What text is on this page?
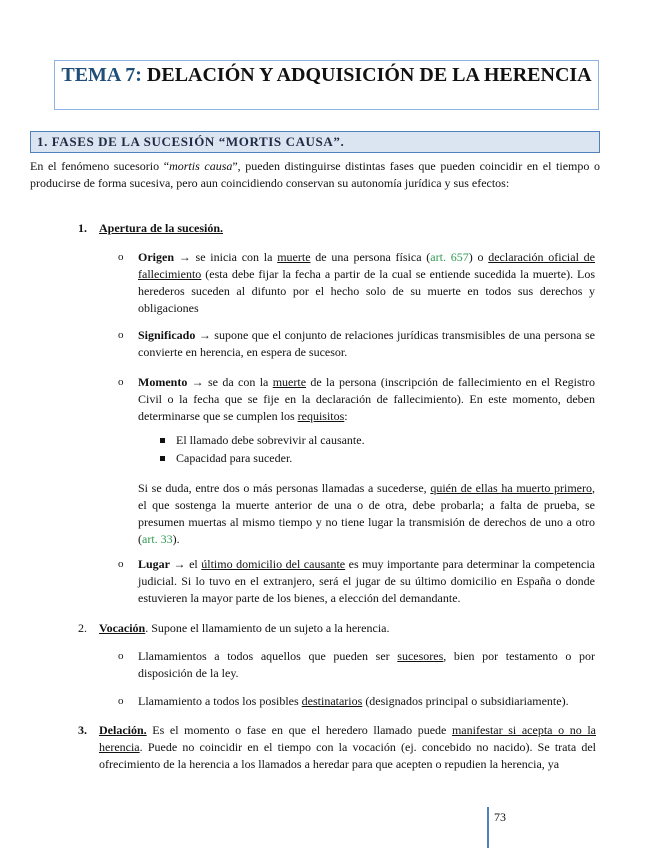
TEMA 7: DELACIÓN Y ADQUISICIÓN DE LA HERENCIA
1. FASES DE LA SUCESIÓN “MORTIS CAUSA”.
En el fenómeno sucesorio “mortis causa”, pueden distinguirse distintas fases que pueden coincidir en el tiempo o producirse de forma sucesiva, pero aun coincidiendo conservan su autonomía jurídica y sus efectos:
1. Apertura de la sucesión.
o Origen → se inicia con la muerte de una persona física (art. 657) o declaración oficial de fallecimiento (esta debe fijar la fecha a partir de la cual se entiende sucedida la muerte). Los herederos suceden al difunto por el hecho solo de su muerte en todos sus derechos y obligaciones
o Significado → supone que el conjunto de relaciones jurídicas transmisibles de una persona se convierte en herencia, en espera de sucesor.
o Momento → se da con la muerte de la persona (inscripción de fallecimiento en el Registro Civil o la fecha que se fije en la declaración de fallecimiento). En este momento, deben determinarse que se cumplen los requisitos:
El llamado debe sobrevivir al causante.
Capacidad para suceder.
Si se duda, entre dos o más personas llamadas a sucederse, quién de ellas ha muerto primero, el que sostenga la muerte anterior de una o de otra, debe probarla; a falta de prueba, se presumen muertas al mismo tiempo y no tiene lugar la transmisión de derechos de uno a otro (art. 33).
o Lugar → el último domicilio del causante es muy importante para determinar la competencia judicial. Si lo tuvo en el extranjero, será el jugar de su último domicilio en España o donde estuvieren la mayor parte de los bienes, a elección del demandante.
2. Vocación. Supone el llamamiento de un sujeto a la herencia.
o Llamamientos a todos aquellos que pueden ser sucesores, bien por testamento o por disposición de la ley.
o Llamamiento a todos los posibles destinatarios (designados principal o subsidiariamente).
3. Delación. Es el momento o fase en que el heredero llamado puede manifestar si acepta o no la herencia. Puede no coincidir en el tiempo con la vocación (ej. concebido no nacido). Se trata del ofrecimiento de la herencia a los llamados a heredar para que acepten o repudien la herencia, ya
73
